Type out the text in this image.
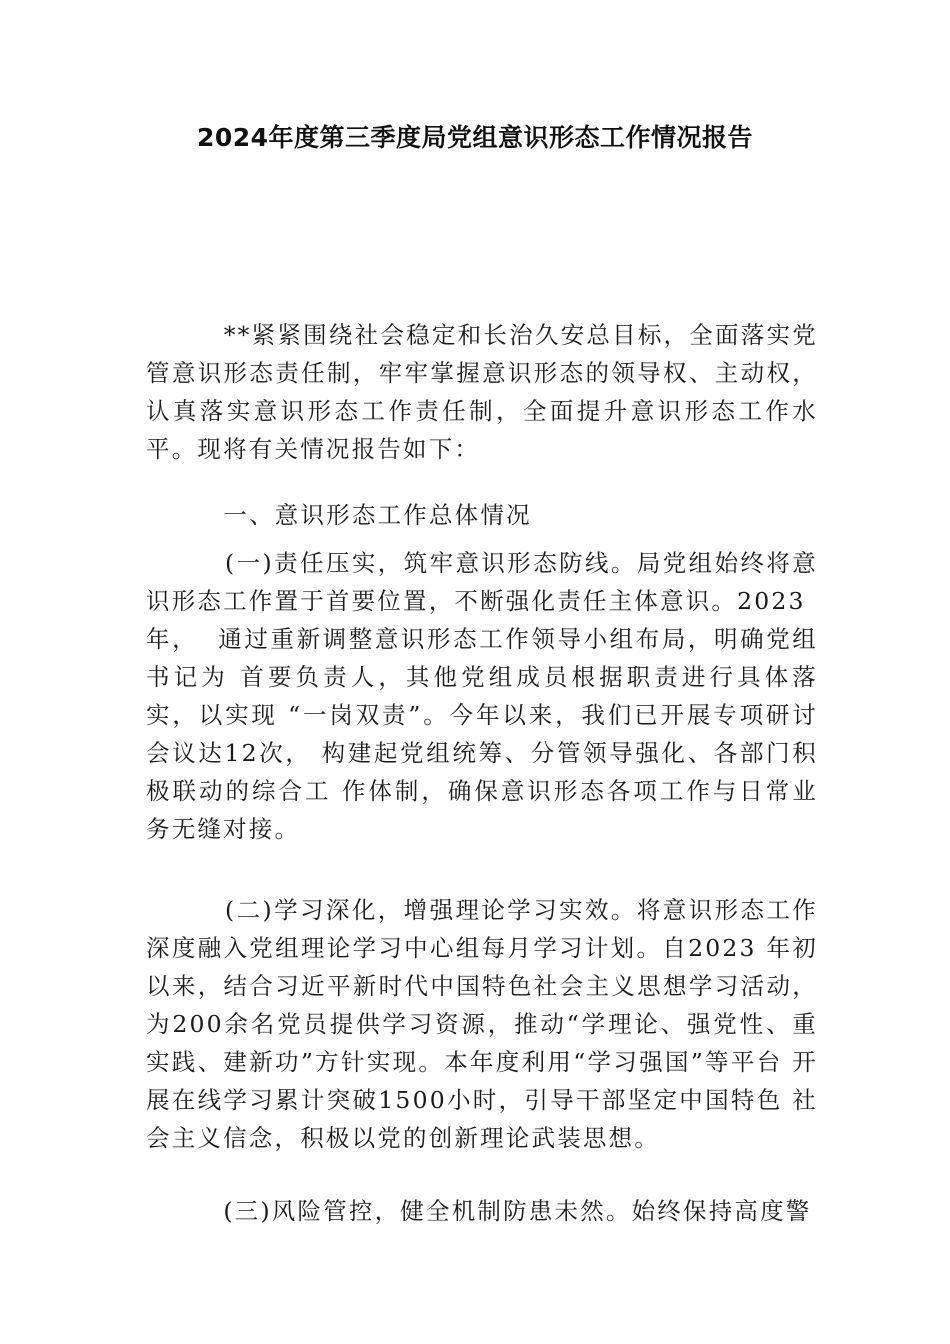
2024年度第三季度局党组意识形态工作情况报告
**紧紧围绕社会稳定和长治久安总目标，全面落实党管意识形态责任制，牢牢掌握意识形态的领导权、主动权，认真落实意识形态工作责任制，全面提升意识形态工作水平。现将有关情况报告如下：
一、意识形态工作总体情况
(一)责任压实，筑牢意识形态防线。局党组始终将意识形态工作置于首要位置，不断强化责任主体意识。2023
年，  通过重新调整意识形态工作领导小组布局，明确党组书记为 首要负责人，其他党组成员根据职责进行具体落实，以实现 “一岗双责”。今年以来，我们已开展专项研讨会议达12次， 构建起党组统筹、分管领导强化、各部门积极联动的综合工 作体制，确保意识形态各项工作与日常业务无缝对接。
(二)学习深化，增强理论学习实效。将意识形态工作深度融入党组理论学习中心组每月学习计划。自2023 年初以来，结合习近平新时代中国特色社会主义思想学习活动，为200余名党员提供学习资源，推动“学理论、强党性、重 实践、建新功”方针实现。本年度利用“学习强国”等平台 开展在线学习累计突破1500小时，引导干部坚定中国特色 社会主义信念，积极以党的创新理论武装思想。
(三)风险管控，健全机制防患未然。始终保持高度警
